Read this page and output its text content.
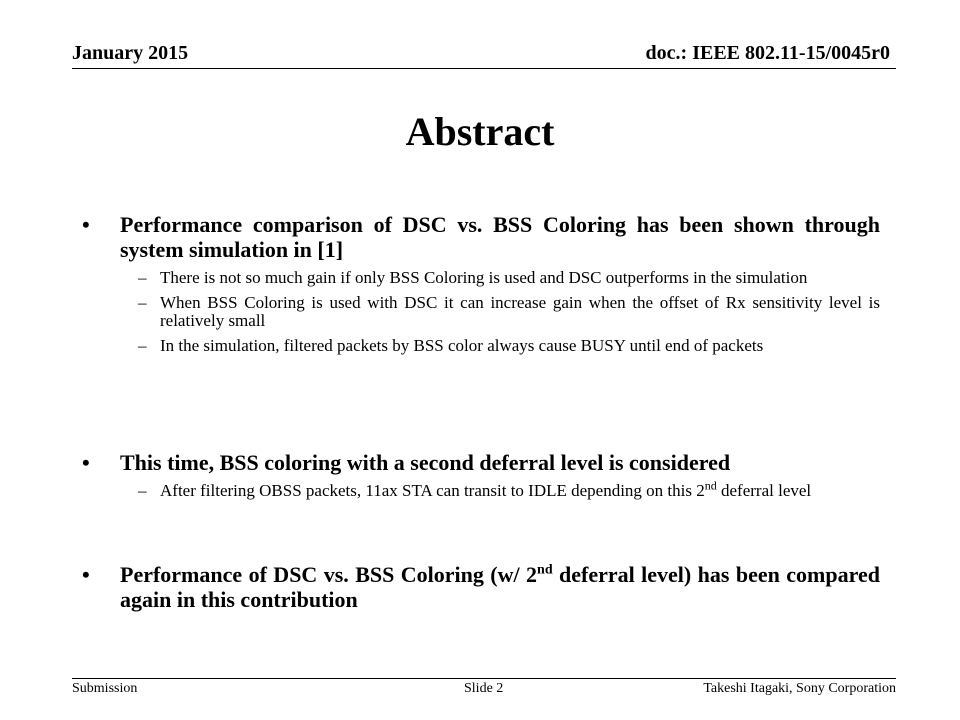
January 2015	doc.: IEEE 802.11-15/0045r0
Abstract
• Performance comparison of DSC vs. BSS Coloring has been shown through system simulation in [1]
– There is not so much gain if only BSS Coloring is used and DSC outperforms in the simulation
– When BSS Coloring is used with DSC it can increase gain when the offset of Rx sensitivity level is relatively small
– In the simulation, filtered packets by BSS color always cause BUSY until end of packets
• This time, BSS coloring with a second deferral level is considered
– After filtering OBSS packets, 11ax STA can transit to IDLE depending on this 2nd deferral level
• Performance of DSC vs. BSS Coloring (w/ 2nd deferral level) has been compared again in this contribution
Submission	Slide 2	Takeshi Itagaki, Sony Corporation
